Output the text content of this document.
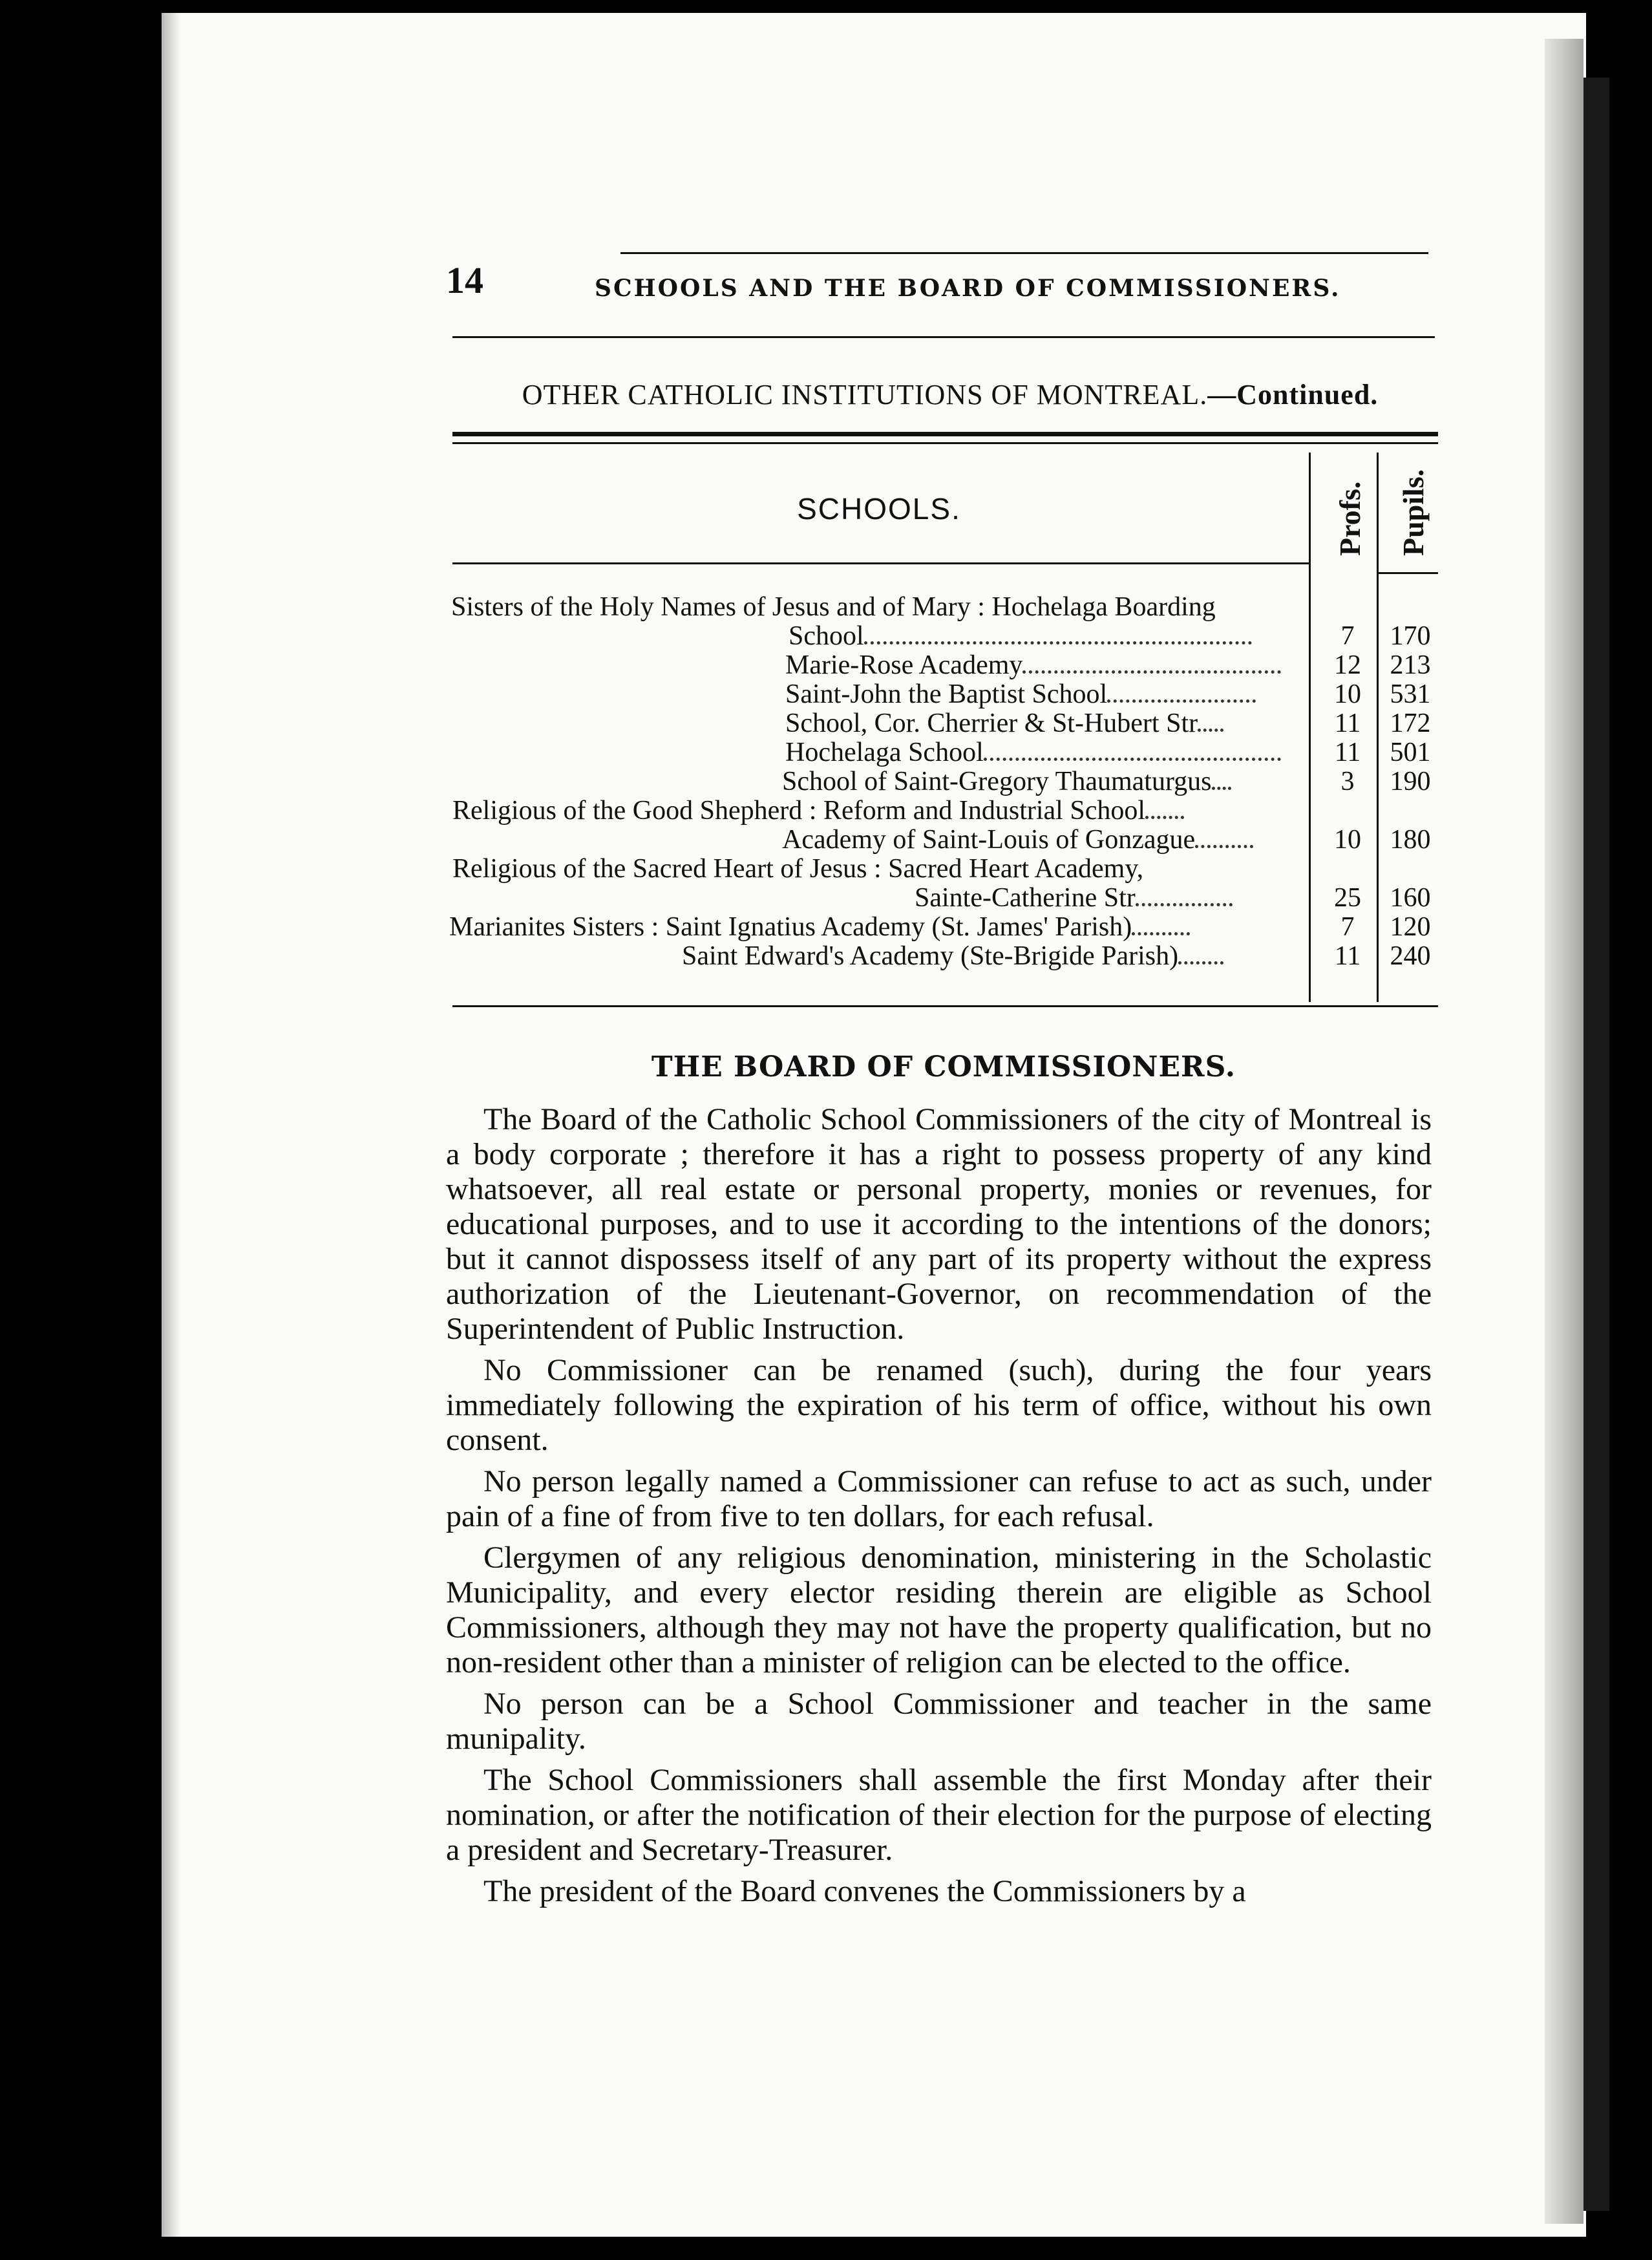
14	SCHOOLS AND THE BOARD OF COMMISSIONERS.
OTHER CATHOLIC INSTITUTIONS OF MONTREAL.—Continued.
SCHOOLS.	Profs. Pupils.
Sisters of the Holy Names of Jesus and of Mary : Hochelaga Boarding
School	7	170
Marie-Rose Academy	12	213
Saint-John the Baptist School	10	531
School, Cor. Cherrier & St-Hubert Str	11	172
Hochelaga School	11	501
School of Saint-Gregory Thaumaturgus	3	190
Religious of the Good Shepherd : Reform and Industrial School
Academy of Saint-Louis of Gonzague	10	180
Religious of the Sacred Heart of Jesus : Sacred Heart Academy,
Sainte-Catherine Str	25	160
Marianites Sisters : Saint Ignatius Academy (St. James' Parish)	7	120
Saint Edward's Academy (Ste-Brigide Parish)	11	240
THE BOARD OF COMMISSIONERS.

The Board of the Catholic School Commissioners of the city of Montreal is a body corporate ; therefore it has a right to possess property of any kind whatsoever, all real estate or personal property, monies or revenues, for educational purposes, and to use it according to the intentions of the donors; but it cannot dispossess itself of any part of its property without the express authorization of the Lieutenant-Governor, on recommendation of the Superintendent of Public Instruction.

No Commissioner can be renamed (such), during the four years immediately following the expiration of his term of office, without his own consent.

No person legally named a Commissioner can refuse to act as such, under pain of a fine of from five to ten dollars, for each refusal.

Clergymen of any religious denomination, ministering in the Scholastic Municipality, and every elector residing therein are eligible as School Commissioners, although they may not have the property qualification, but no non-resident other than a minister of religion can be elected to the office.

No person can be a School Commissioner and teacher in the same munipality.

The School Commissioners shall assemble the first Monday after their nomination, or after the notification of their election for the purpose of electing a president and Secretary-Treasurer.

The president of the Board convenes the Commissioners by a
